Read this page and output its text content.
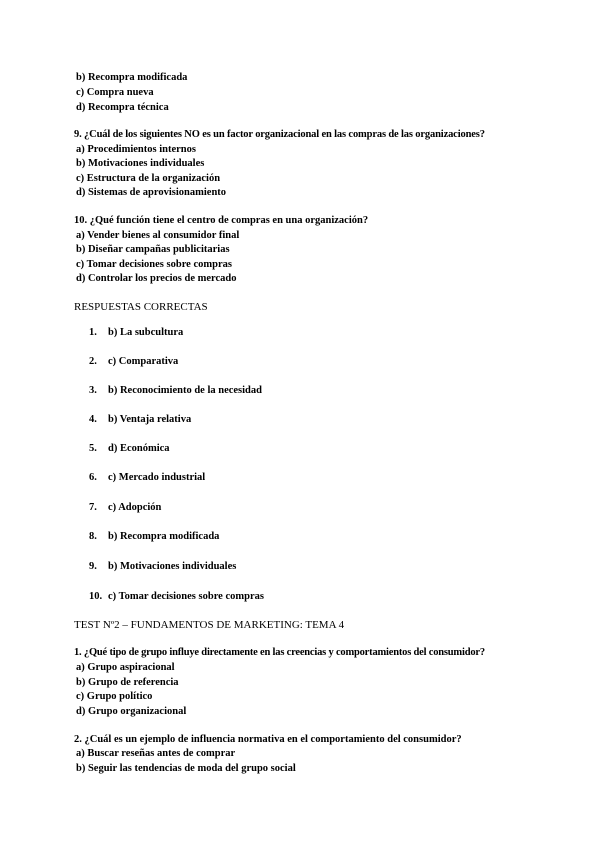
b) Recompra modificada
c) Compra nueva
d) Recompra técnica
9. ¿Cuál de los siguientes NO es un factor organizacional en las compras de las organizaciones?
a) Procedimientos internos
b) Motivaciones individuales
c) Estructura de la organización
d) Sistemas de aprovisionamiento
10. ¿Qué función tiene el centro de compras en una organización?
a) Vender bienes al consumidor final
b) Diseñar campañas publicitarias
c) Tomar decisiones sobre compras
d) Controlar los precios de mercado
RESPUESTAS CORRECTAS
1. b) La subcultura
2. c) Comparativa
3. b) Reconocimiento de la necesidad
4. b) Ventaja relativa
5. d) Económica
6. c) Mercado industrial
7. c) Adopción
8. b) Recompra modificada
9. b) Motivaciones individuales
10. c) Tomar decisiones sobre compras
TEST Nº2 – FUNDAMENTOS DE MARKETING: TEMA 4
1. ¿Qué tipo de grupo influye directamente en las creencias y comportamientos del consumidor?
a) Grupo aspiracional
b) Grupo de referencia
c) Grupo político
d) Grupo organizacional
2. ¿Cuál es un ejemplo de influencia normativa en el comportamiento del consumidor?
a) Buscar reseñas antes de comprar
b) Seguir las tendencias de moda del grupo social
